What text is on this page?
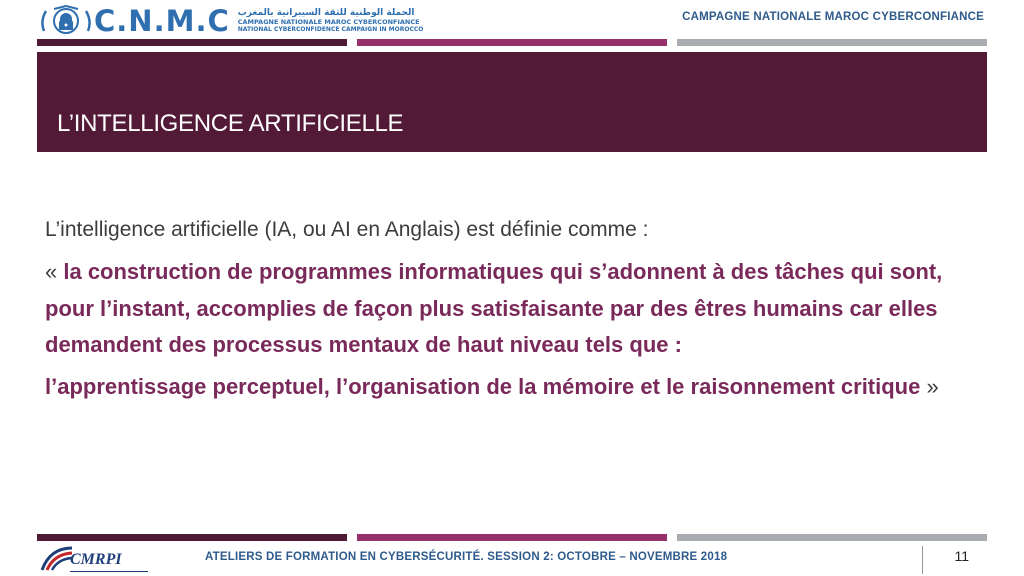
C.N.M.C الحملة الوطنية للثقة السيبرانية بالمغرب
CAMPAGNE NATIONALE MAROC CYBERCONFIANCE
NATIONAL CYBERCONFIDENCE CAMPAIGN IN MOROCCO
CAMPAGNE NATIONALE MAROC CYBERCONFIANCE
L’INTELLIGENCE ARTIFICIELLE

L’intelligence artificielle (IA, ou AI en Anglais) est définie comme :

« la construction de programmes informatiques qui s’adonnent à des tâches qui sont, pour l’instant, accomplies de façon plus satisfaisante par des êtres humains car elles demandent des processus mentaux de haut niveau tels que :

l’apprentissage perceptuel, l’organisation de la mémoire et le raisonnement critique »

CMRPI	ATELIERS DE FORMATION EN CYBERSÉCURITÉ. SESSION 2: OCTOBRE – NOVEMBRE 2018	11
